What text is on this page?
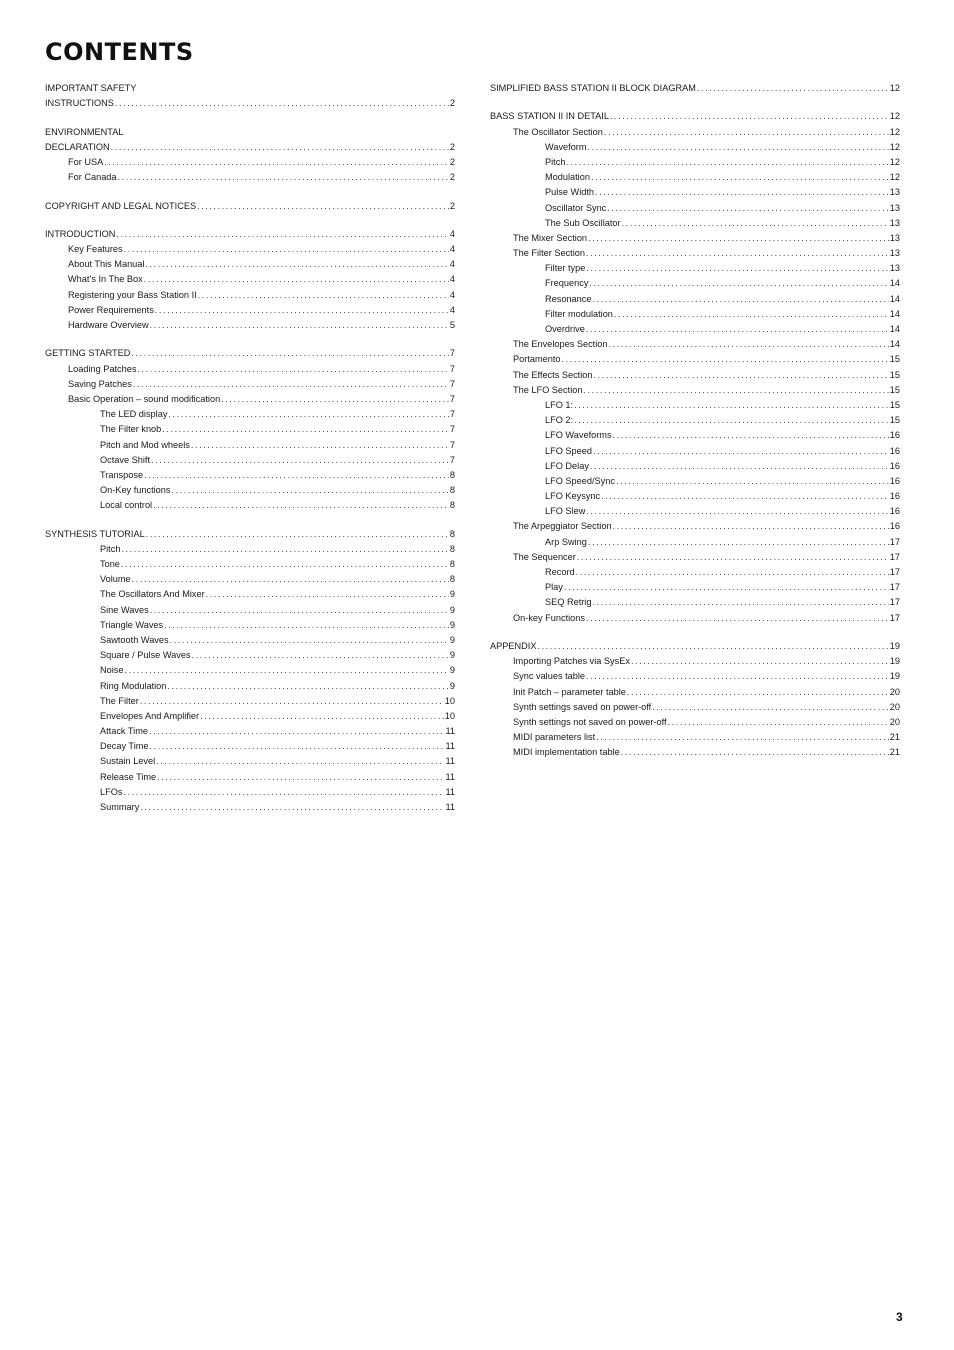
CONTENTS
IMPORTANT SAFETY
INSTRUCTIONS .....	2
ENVIRONMENTAL
DECLARATION .....	2
For USA .....	2
For Canada .....	2
COPYRIGHT AND LEGAL NOTICES .....	2
INTRODUCTION .....	4
Key Features .....	4
About This Manual .....	4
What’s In The Box .....	4
Registering your Bass Station II .....	4
Power Requirements .....	4
Hardware Overview .....	5
GETTING STARTED .....	7
Loading Patches .....	7
Saving Patches .....	7
Basic Operation – sound modification .....	7
The LED display .....	7
The Filter knob .....	7
Pitch and Mod wheels .....	7
Octave Shift .....	7
Transpose .....	8
On-Key functions .....	8
Local control .....	8
SYNTHESIS TUTORIAL .....	8
Pitch .....	8
Tone .....	8
Volume .....	8
The Oscillators And Mixer .....	9
Sine Waves .....	9
Triangle Waves .....	9
Sawtooth Waves .....	9
Square / Pulse Waves .....	9
Noise .....	9
Ring Modulation .....	9
The Filter .....	10
Envelopes And Amplifier .....	10
Attack Time .....	11
Decay Time .....	11
Sustain Level .....	11
Release Time .....	11
LFOs .....	11
Summary .....	11
SIMPLIFIED BASS STATION II BLOCK DIAGRAM .....	12
BASS STATION II IN DETAIL .....	12
The Oscillator Section .....	12
Waveform .....	12
Pitch .....	12
Modulation .....	12
Pulse Width .....	13
Oscillator Sync .....	13
The Sub Oscillator .....	13
The Mixer Section .....	13
The Filter Section .....	13
Filter type .....	13
Frequency .....	14
Resonance .....	14
Filter modulation .....	14
Overdrive .....	14
The Envelopes Section .....	14
Portamento .....	15
The Effects Section .....	15
The LFO Section .....	15
LFO 1: .....	15
LFO 2: .....	15
LFO Waveforms .....	16
LFO Speed .....	16
LFO Delay .....	16
LFO Speed/Sync .....	16
LFO Keysync .....	16
LFO Slew .....	16
The Arpeggiator Section .....	16
Arp Swing .....	17
The Sequencer .....	17
Record .....	17
Play .....	17
SEQ Retrig .....	17
On-key Functions .....	17
APPENDIX .....	19
Importing Patches via SysEx .....	19
Sync values table .....	19
Init Patch – parameter table .....	20
Synth settings saved on power-off .....	20
Synth settings not saved on power-off .....	20
MIDI parameters list .....	21
MIDI implementation table .....	21
3
